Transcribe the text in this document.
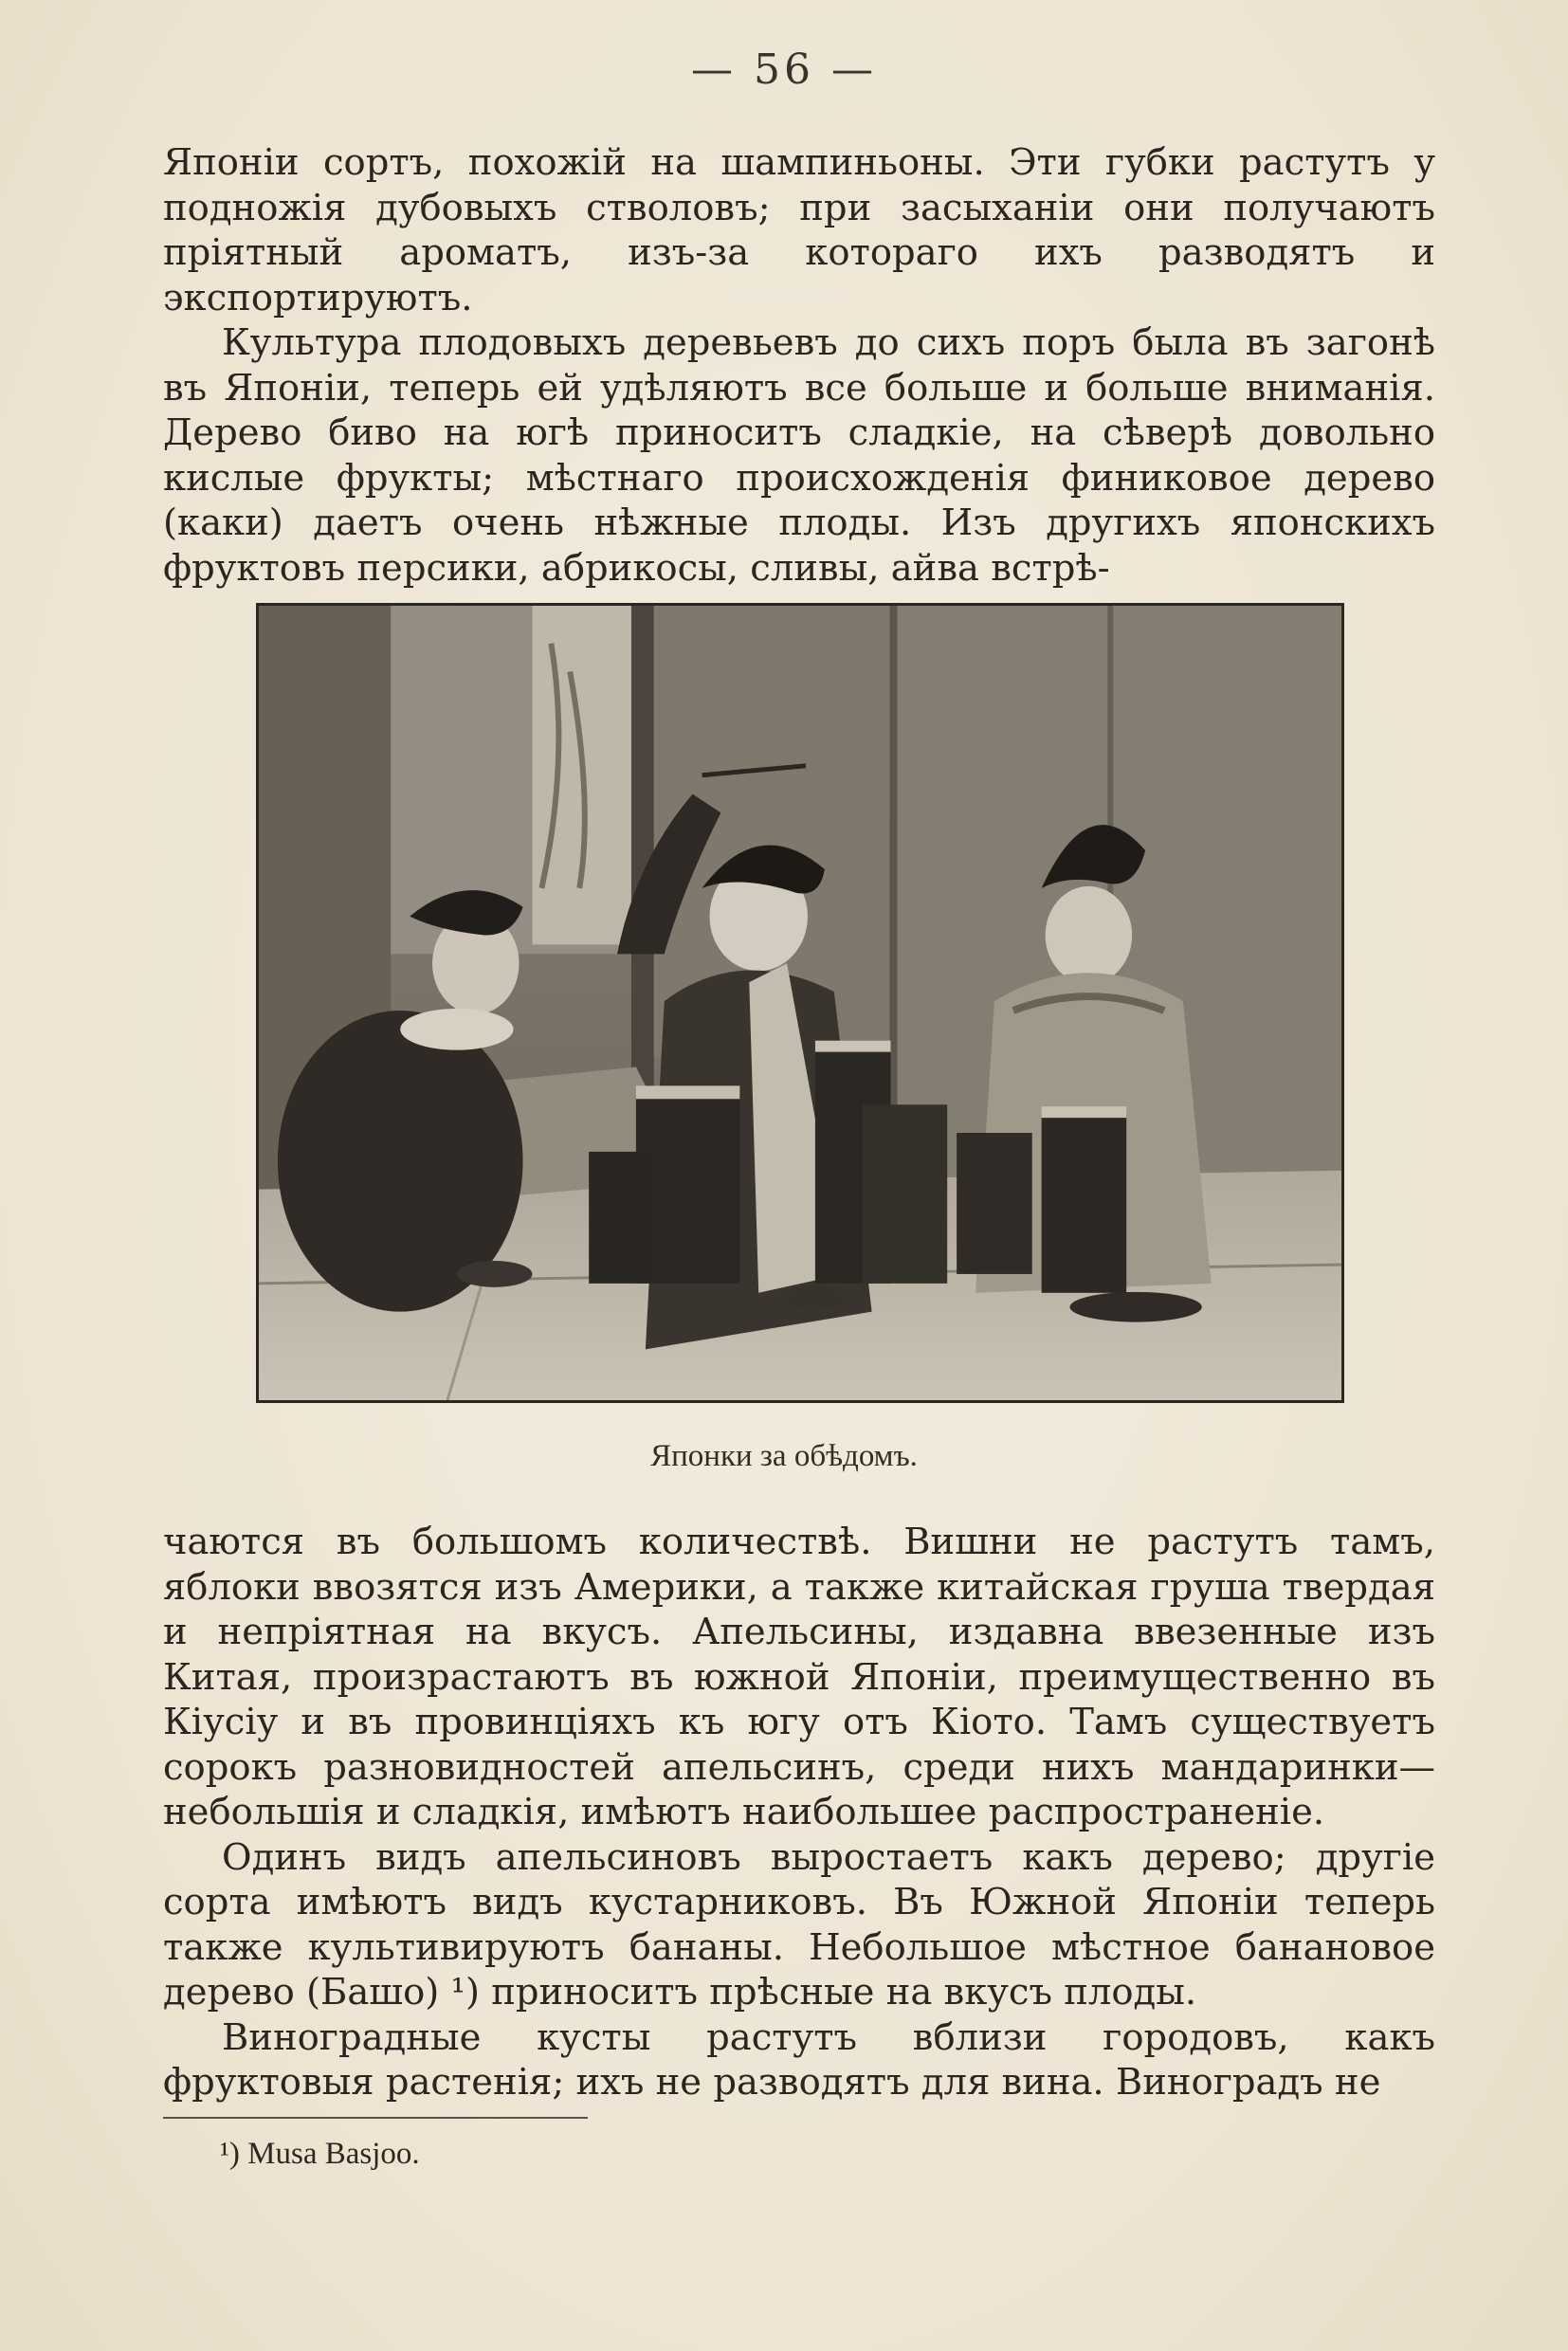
— 56 —

Японіи сортъ, похожій на шампиньоны. Эти губки растутъ у подножія дубовыхъ стволовъ; при засыханіи они получаютъ пріятный ароматъ, изъ-за котораго ихъ разводятъ и экспортируютъ.

Культура плодовыхъ деревьевъ до сихъ поръ была въ загонѣ въ Японіи, теперь ей удѣляютъ все больше и больше вниманія. Дерево биво на югѣ приноситъ сладкіе, на сѣверѣ довольно кислые фрукты; мѣстнаго происхожденія финиковое дерево (каки) даетъ очень нѣжные плоды. Изъ другихъ японскихъ фруктовъ персики, абрикосы, сливы, айва встрѣ-

Японки за обѣдомъ.

чаются въ большомъ количествѣ. Вишни не растутъ тамъ, яблоки ввозятся изъ Америки, а также китайская груша твердая и непріятная на вкусъ. Апельсины, издавна ввезенные изъ Китая, произрастаютъ въ южной Японіи, преимущественно въ Кіусіу и въ провинціяхъ къ югу отъ Кіото. Тамъ существуетъ сорокъ разновидностей апельсинъ, среди нихъ мандаринки—небольшія и сладкія, имѣютъ наибольшее распространеніе.

Одинъ видъ апельсиновъ выростаетъ какъ дерево; другіе сорта имѣютъ видъ кустарниковъ. Въ Южной Японіи теперь также культивируютъ бананы. Небольшое мѣстное банановое дерево (Башо) ¹) приноситъ прѣсные на вкусъ плоды.

Виноградные кусты растутъ вблизи городовъ, какъ фруктовыя растенія; ихъ не разводятъ для вина. Виноградъ не

¹) Musa Basjoo.
